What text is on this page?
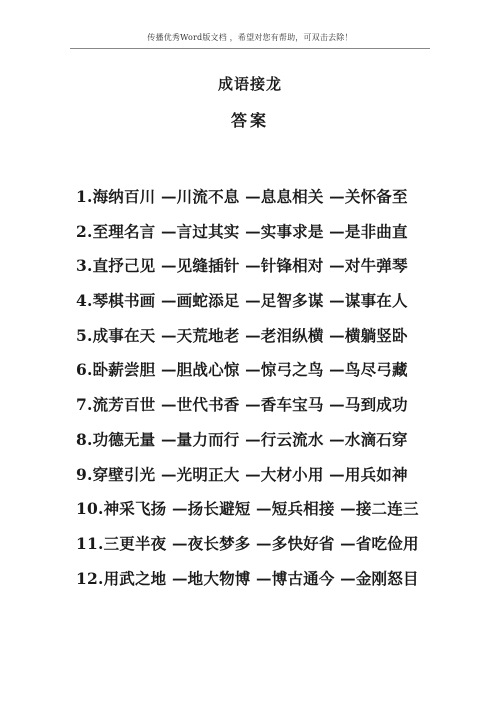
传播优秀Word版文档 ，希望对您有帮助，可双击去除！
成语接龙
答案
1.海纳百川 —川流不息 —息息相关 —关怀备至
2.至理名言 —言过其实 —实事求是 —是非曲直
3.直抒己见 —见缝插针 —针锋相对 —对牛弹琴
4.琴棋书画 —画蛇添足 —足智多谋 —谋事在人
5.成事在天 —天荒地老 —老泪纵横 —横躺竖卧
6.卧薪尝胆 —胆战心惊 —惊弓之鸟 —鸟尽弓藏
7.流芳百世 —世代书香 —香车宝马 —马到成功
8.功德无量 —量力而行 —行云流水 —水滴石穿
9.穿壁引光 —光明正大 —大材小用 —用兵如神
10.神采飞扬 —扬长避短 —短兵相接 —接二连三
11.三更半夜 —夜长梦多 —多快好省 —省吃俭用
12.用武之地 —地大物博 —博古通今 —金刚怒目
